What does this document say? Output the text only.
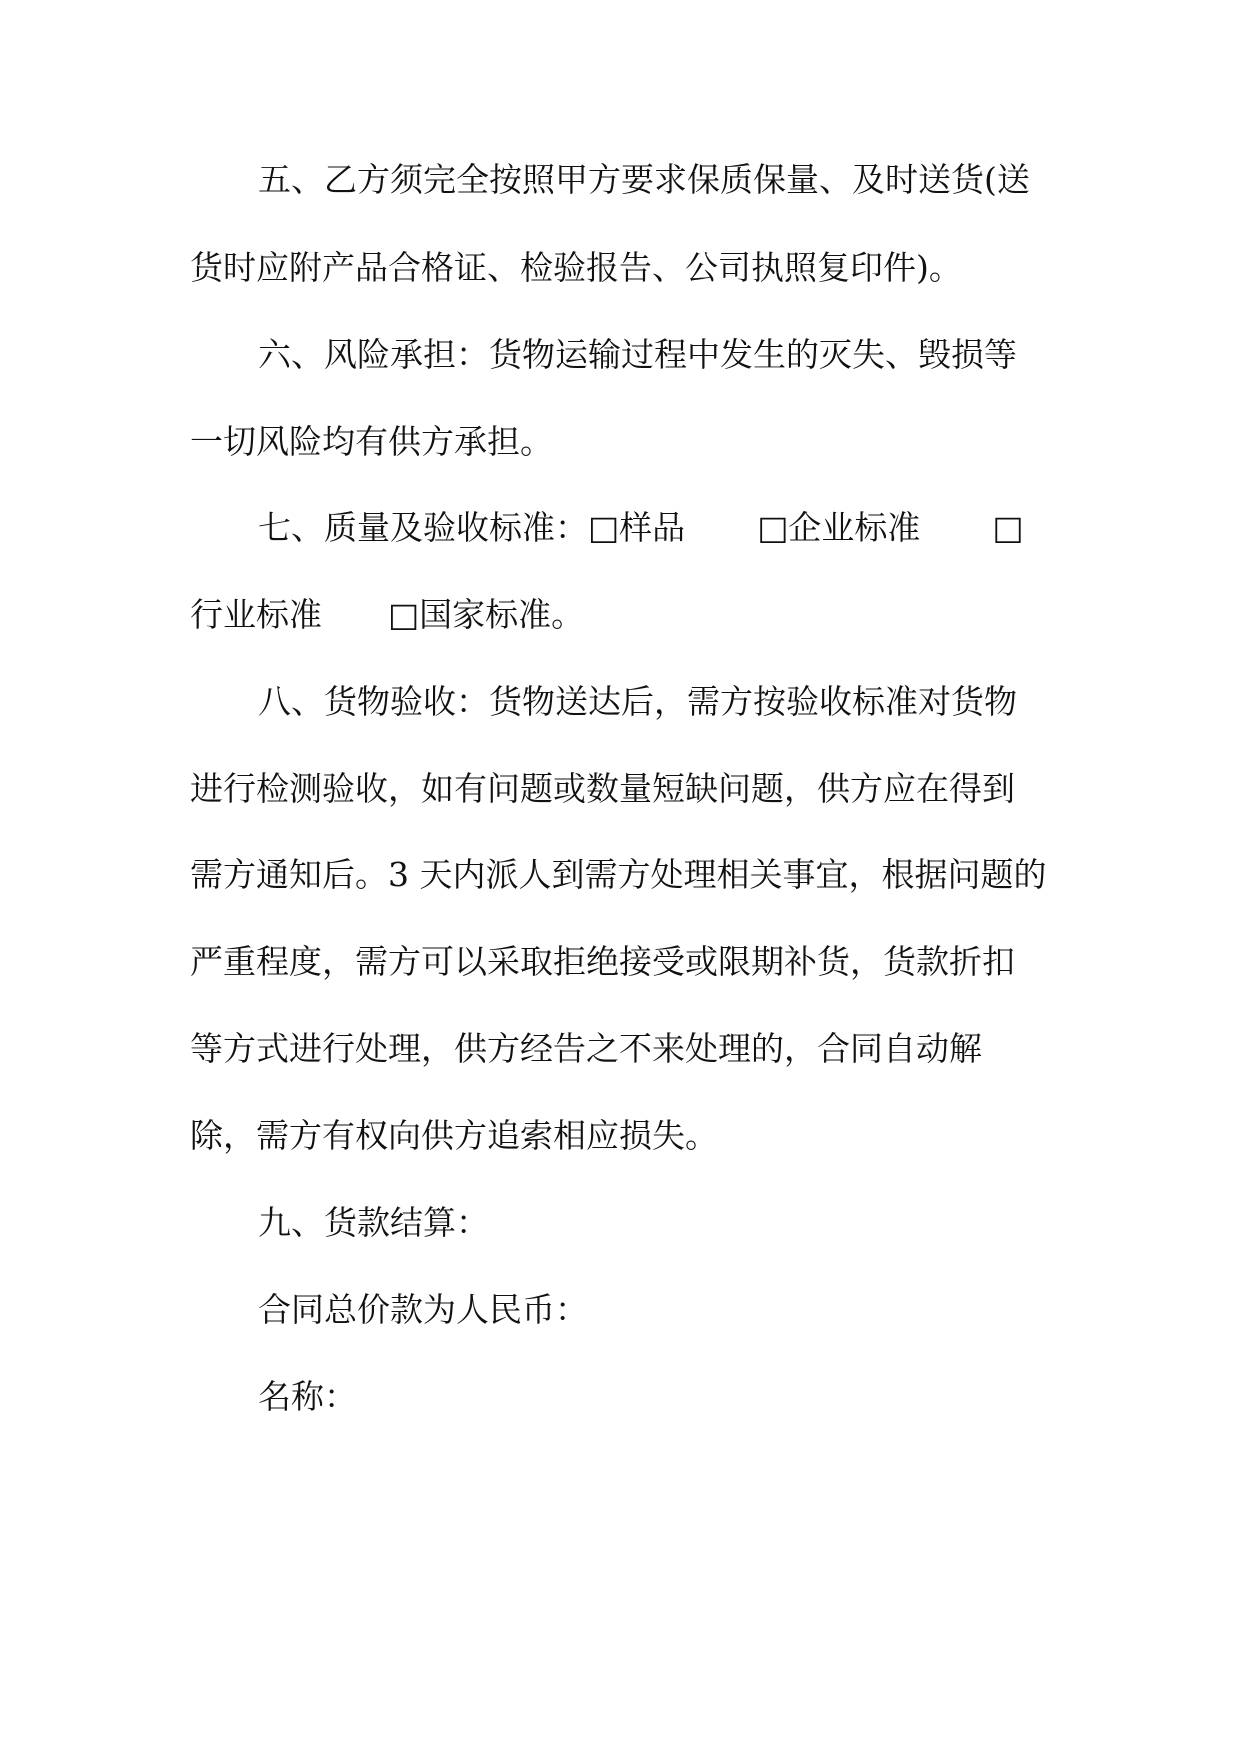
五、乙方须完全按照甲方要求保质保量、及时送货(送

货时应附产品合格证、检验报告、公司执照复印件)。

六、风险承担：货物运输过程中发生的灭失、毁损等

一切风险均有供方承担。

七、质量及验收标准：□样品 □企业标准 □

行业标准 □国家标准。

八、货物验收：货物送达后，需方按验收标准对货物

进行检测验收，如有问题或数量短缺问题，供方应在得到

需方通知后。3 天内派人到需方处理相关事宜，根据问题的

严重程度，需方可以采取拒绝接受或限期补货，货款折扣

等方式进行处理，供方经告之不来处理的，合同自动解

除，需方有权向供方追索相应损失。

九、货款结算：

合同总价款为人民币：

名称：
